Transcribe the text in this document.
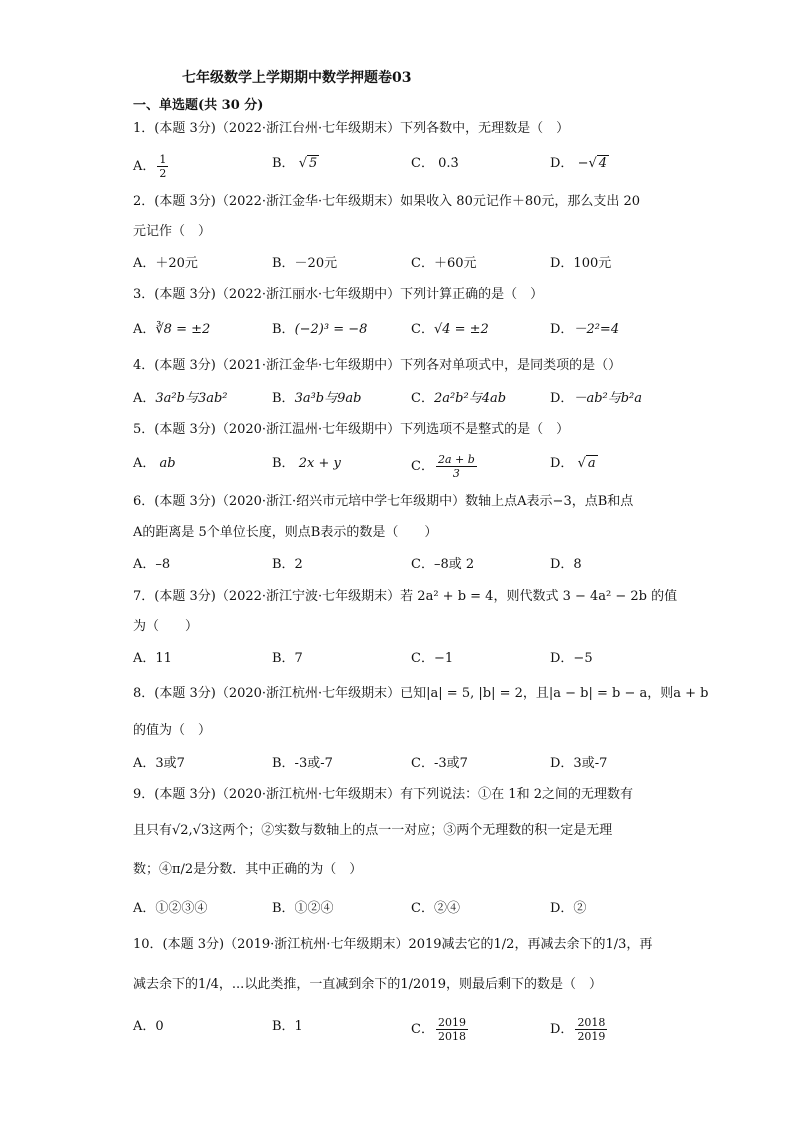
七年级数学上学期期中数学押题卷03
一、单选题(共 30 分)
1．(本题 3分)（2022·浙江台州·七年级期末）下列各数中，无理数是（　）
A． $\frac{1}{2}$	B． √ 5	C． 0.3̇	D． −√ 4
2．(本题 3分)（2022·浙江金华·七年级期末）如果收入 80元记作＋80元，那么支出 20
元记作（　）
A．＋20元	B．－20元	C．＋60元	D．100元
3．(本题 3分)（2022·浙江丽水·七年级期中）下列计算正确的是（　）
A．∛8 = ±2	B．(−2)³ = −8	C．√4 = ±2	D．－2²=4
4．(本题 3分)（2021·浙江金华·七年级期中）下列各对单项式中，是同类项的是（）
A．3a²b与3ab²	B．3a³b与9ab	C．2a²b²与4ab	D．－ab²与b²a
5．(本题 3分)（2020·浙江温州·七年级期中）下列选项不是整式的是（　）
A． ab	B． 2x + y	C． $\frac{2a + b}{3}$	D． √ a
6．(本题 3分)（2020·浙江·绍兴市元培中学七年级期中）数轴上点A表示−3，点B和点
A的距离是 5个单位长度，则点B表示的数是（　　）
A．–8	B．2	C．–8或 2	D．8
7．(本题 3分)（2022·浙江宁波·七年级期末）若 2a² + b = 4，则代数式 3 − 4a² − 2b 的值
为（　　）
A．11	B．7	C．−1	D．−5
8．(本题 3分)（2020·浙江杭州·七年级期末）已知|a| = 5, |b| = 2，且|a − b| = b − a，则a + b
的值为（　）
A．3或7	B．-3或-7	C．-3或7	D．3或-7
9．(本题 3分)（2020·浙江杭州·七年级期末）有下列说法：①在 1和 2之间的无理数有
且只有√2,√3这两个；②实数与数轴上的点一一对应；③两个无理数的积一定是无理
数；④π/2是分数．其中正确的为（　）
A．①②③④	B．①②④	C．②④	D．②
10．(本题 3分)（2019·浙江杭州·七年级期末）2019减去它的1/2，再减去余下的1/3，再
减去余下的1/4，...以此类推，一直减到余下的1/2019，则最后剩下的数是（　）
A．0	B．1	C． $\frac{2019}{2018}$	D． $\frac{2018}{2019}$
